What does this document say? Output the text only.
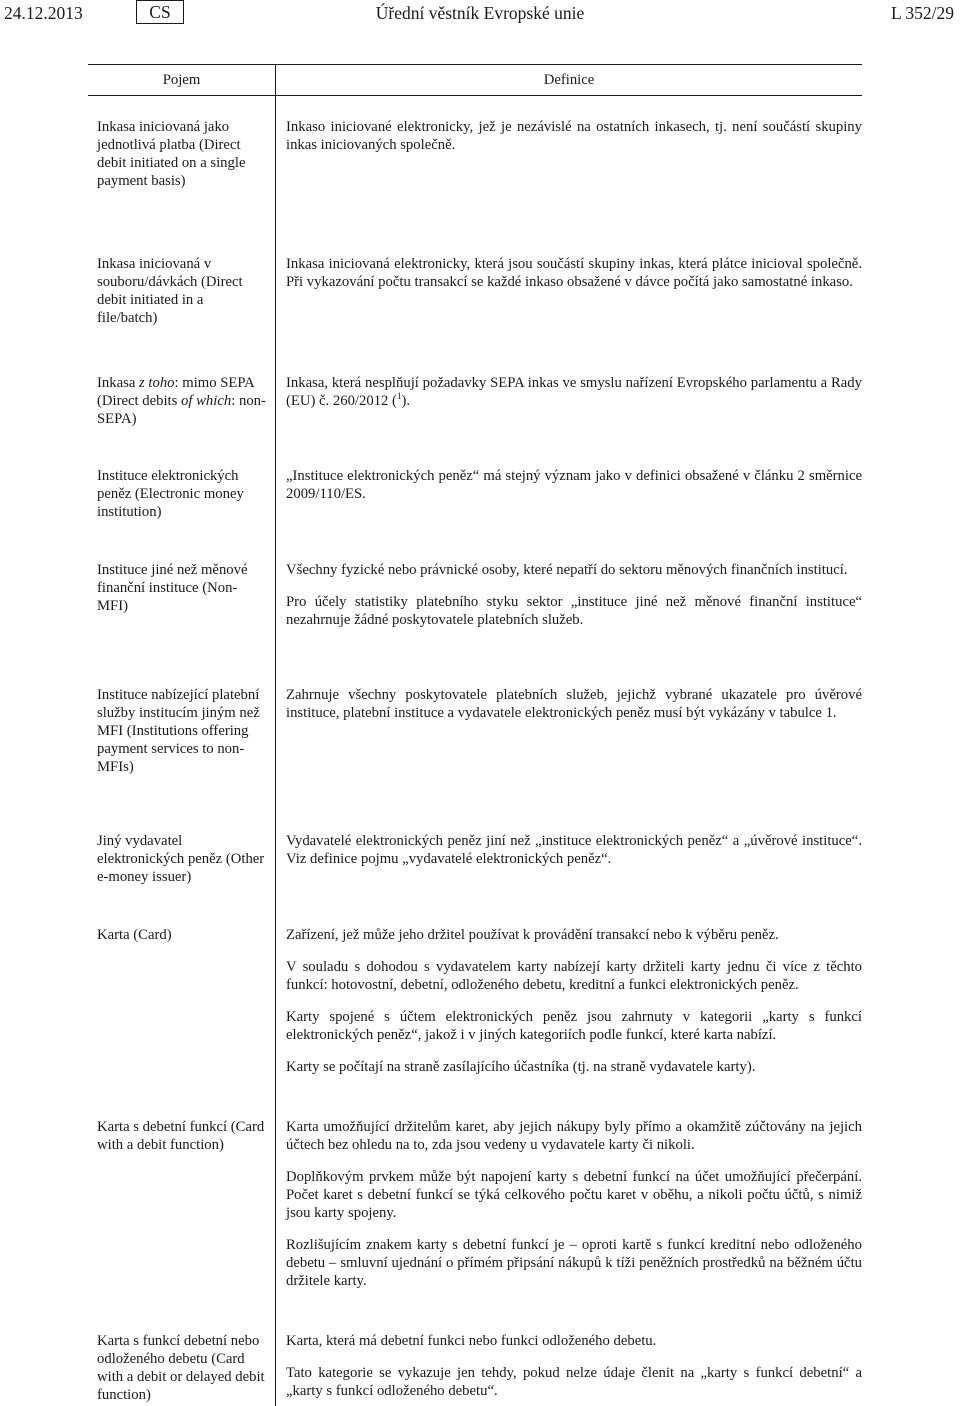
24.12.2013	Úřední věstník Evropské unie
CS	L 352/29
Pojem	Definice
Inkasa iniciovaná jako jednotlivá platba (Direct debit initiated on a single payment basis)	Inkaso iniciované elektronicky, jež je nezávislé na ostatních inkasech, tj. není součástí skupiny inkas iniciovaných společně.

Inkasa iniciovaná v souboru/dávkách (Direct debit initiated in a file/batch)	Inkasa iniciovaná elektronicky, která jsou součástí skupiny inkas, která plátce inicioval společně. Při vykazování počtu transakcí se každé inkaso obsažené v dávce počítá jako samostatné inkaso.

Inkasa z toho: mimo SEPA (Direct debits of which: non-SEPA)	Inkasa, která nesplňují požadavky SEPA inkas ve smyslu nařízení Evropského parlamentu a Rady (EU) č. 260/2012 ($^1$).

Instituce elektronických peněz (Electronic money institution)	„Instituce elektronických peněz“ má stejný význam jako v definici obsažené v článku 2 směrnice 2009/110/ES.

Instituce jiné než měnové finanční instituce (Non-MFI)	Všechny fyzické nebo právnické osoby, které nepatří do sektoru měnových finančních institucí.

Pro účely statistiky platebního styku sektor „instituce jiné než měnové finanční instituce“ nezahrnuje žádné poskytovatele platebních služeb.

Instituce nabízející platební služby institucím jiným než MFI (Institutions offering payment services to non-MFIs)	Zahrnuje všechny poskytovatele platebních služeb, jejichž vybrané ukazatele pro úvěrové instituce, platební instituce a vydavatele elektronických peněz musí být vykázány v tabulce 1.

Jiný vydavatel elektronických peněz (Other e-money issuer)	Vydavatelé elektronických peněz jiní než „instituce elektronických peněz“ a „úvěrové instituce“. Viz definice pojmu „vydavatelé elektronických peněz“.

Karta (Card)	Zařízení, jež může jeho držitel používat k provádění transakcí nebo k výběru peněz.

V souladu s dohodou s vydavatelem karty nabízejí karty držiteli karty jednu či více z těchto funkcí: hotovostní, debetní, odloženého debetu, kreditní a funkci elektronických peněz.

Karty spojené s účtem elektronických peněz jsou zahrnuty v kategorii „karty s funkcí elektronických peněz“, jakož i v jiných kategoriích podle funkcí, které karta nabízí.

Karty se počítají na straně zasílajícího účastníka (tj. na straně vydavatele karty).

Karta s debetní funkcí (Card with a debit function)	Karta umožňující držitelům karet, aby jejich nákupy byly přímo a okamžitě zúčtovány na jejich účtech bez ohledu na to, zda jsou vedeny u vydavatele karty či nikoli.

Doplňkovým prvkem může být napojení karty s debetní funkcí na účet umožňující přečerpání. Počet karet s debetní funkcí se týká celkového počtu karet v oběhu, a nikoli počtu účtů, s nimiž jsou karty spojeny.

Rozlišujícím znakem karty s debetní funkcí je – oproti kartě s funkcí kreditní nebo odloženého debetu – smluvní ujednání o přímém připsání nákupů k tíži peněžních prostředků na běžném účtu držitele karty.

Karta s funkcí debetní nebo odloženého debetu (Card with a debit or delayed debit function)	Karta, která má debetní funkci nebo funkci odloženého debetu.

Tato kategorie se vykazuje jen tehdy, pokud nelze údaje členit na „karty s funkcí debetní“ a „karty s funkcí odloženého debetu“.
